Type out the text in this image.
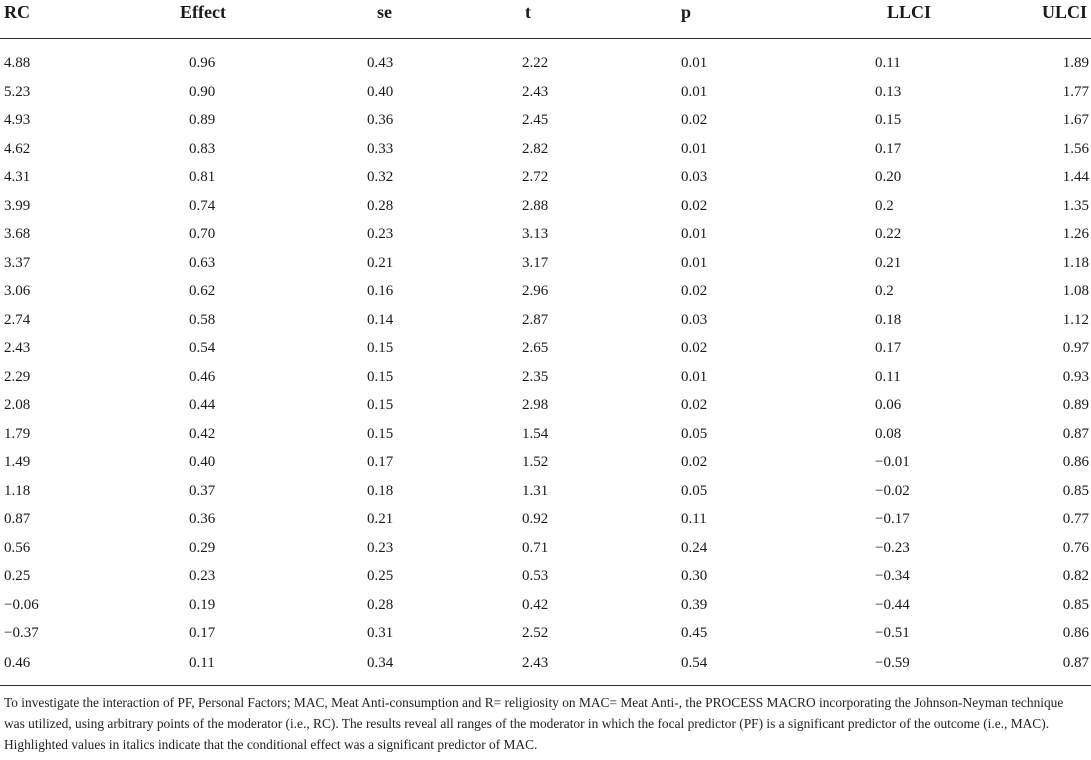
RC	Effect	se	t	p	LLCI	ULCI
4.88	0.96	0.43	2.22	0.01	0.11	1.89
5.23	0.90	0.40	2.43	0.01	0.13	1.77
4.93	0.89	0.36	2.45	0.02	0.15	1.67
4.62	0.83	0.33	2.82	0.01	0.17	1.56
4.31	0.81	0.32	2.72	0.03	0.20	1.44
3.99	0.74	0.28	2.88	0.02	0.2	1.35
3.68	0.70	0.23	3.13	0.01	0.22	1.26
3.37	0.63	0.21	3.17	0.01	0.21	1.18
3.06	0.62	0.16	2.96	0.02	0.2	1.08
2.74	0.58	0.14	2.87	0.03	0.18	1.12
2.43	0.54	0.15	2.65	0.02	0.17	0.97
2.29	0.46	0.15	2.35	0.01	0.11	0.93
2.08	0.44	0.15	2.98	0.02	0.06	0.89
1.79	0.42	0.15	1.54	0.05	0.08	0.87
1.49	0.40	0.17	1.52	0.02	−0.01	0.86
1.18	0.37	0.18	1.31	0.05	−0.02	0.85
0.87	0.36	0.21	0.92	0.11	−0.17	0.77
0.56	0.29	0.23	0.71	0.24	−0.23	0.76
0.25	0.23	0.25	0.53	0.30	−0.34	0.82
−0.06	0.19	0.28	0.42	0.39	−0.44	0.85
−0.37	0.17	0.31	2.52	0.45	−0.51	0.86
0.46	0.11	0.34	2.43	0.54	−0.59	0.87
To investigate the interaction of PF, Personal Factors; MAC, Meat Anti-consumption and R= religiosity on MAC= Meat Anti-, the PROCESS MACRO incorporating the Johnson-Neyman technique was utilized, using arbitrary points of the moderator (i.e., RC). The results reveal all ranges of the moderator in which the focal predictor (PF) is a significant predictor of the outcome (i.e., MAC). Highlighted values in italics indicate that the conditional effect was a significant predictor of MAC.
